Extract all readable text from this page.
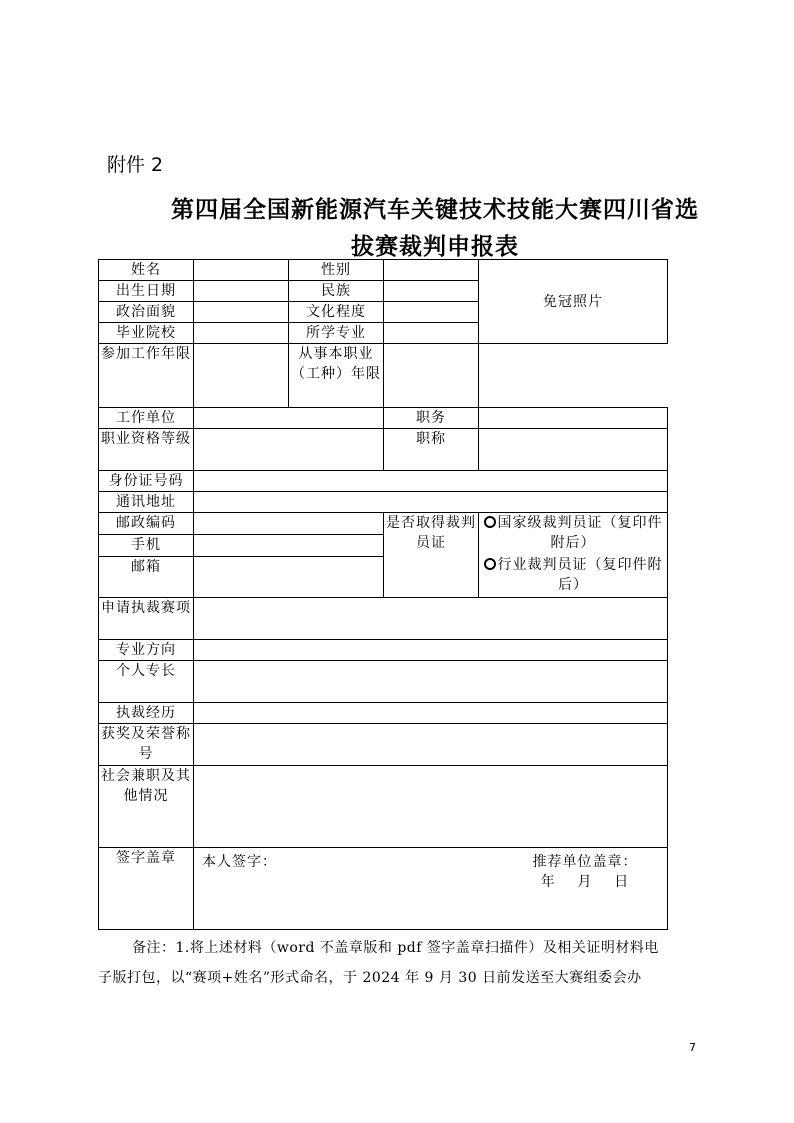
附件 2
第四届全国新能源汽车关键技术技能大赛四川省选
拔赛裁判申报表
姓名		性别		免冠照片
出生日期		民族		
政治面貌		文化程度		
毕业院校		所学专业		
参加工作年限		从事本职业（工种）年限		
工作单位			职务	
职业资格等级			职称	
身份证号码				
通讯地址				
邮政编码			是否取得裁判员证	国家级裁判员证（复印件附后）
行业裁判员证（复印件附后）

手机				
邮箱				
申请执裁赛项				
专业方向				
个人专长				
执裁经历				
获奖及荣誉称号				
社会兼职及其他情况				
签字盖章	本人签字： 推荐单位盖章：
年    月    日			
备注：1.将上述材料（word 不盖章版和 pdf 签字盖章扫描件）及相关证明材料电
子版打包，以“赛项+姓名”形式命名，于 2024 年 9 月 30 日前发送至大赛组委会办
7
